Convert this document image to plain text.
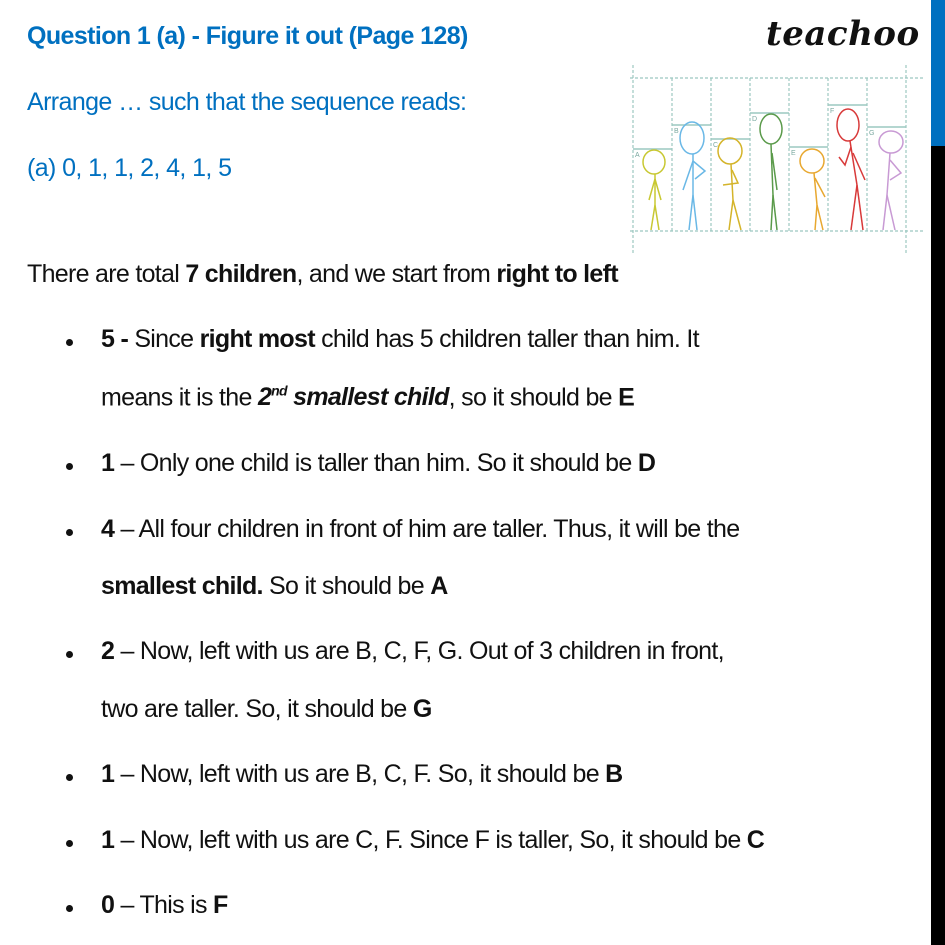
Question 1 (a) - Figure it out (Page 128)
Arrange … such that the sequence reads:
(a) 0, 1, 1, 2, 4, 1, 5
teachoo
A
B
C
D
E
F
G
There are total 7 children, and we start from right to left
5 - Since right most child has 5 children taller than him. It
means it is the 2nd smallest child, so it should be E
1 – Only one child is taller than him. So it should be D
4 – All four children in front of him are taller. Thus, it will be the
smallest child. So it should be A
2 – Now, left with us are B, C, F, G. Out of 3 children in front,
two are taller. So, it should be G
1 – Now, left with us are B, C, F. So, it should be B
1 – Now, left with us are C, F. Since F is taller, So, it should be C
0 – This is F
